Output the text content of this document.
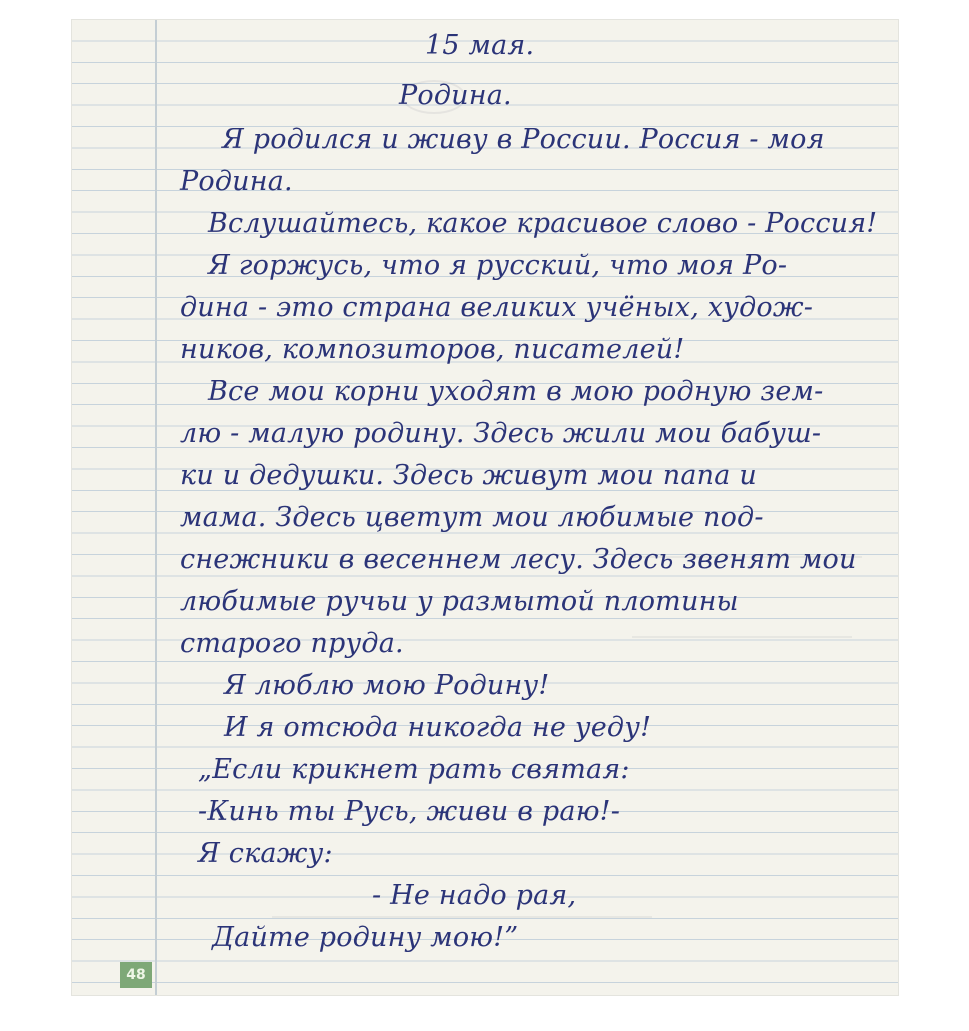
15 мая.

Родина.

Я родился и живу в России. Россия - моя

Родина.

Вслушайтесь, какое красивое слово - Россия!

Я горжусь, что я русский, что моя Ро-

дина - это страна великих учёных, худож-

ников, композиторов, писателей!

Все мои корни уходят в мою родную зем-

лю - малую родину. Здесь жили мои бабуш-

ки и дедушки. Здесь живут мои папа и

мама. Здесь цветут мои любимые под-

снежники в весеннем лесу. Здесь звенят мои

любимые ручьи у размытой плотины

старого пруда.

Я люблю мою Родину!

И я отсюда никогда не уеду!

„Если крикнет рать святая:

-Кинь ты Русь, живи в раю!-

Я скажу:

- Не надо рая,

Дайте родину мою!”

48
